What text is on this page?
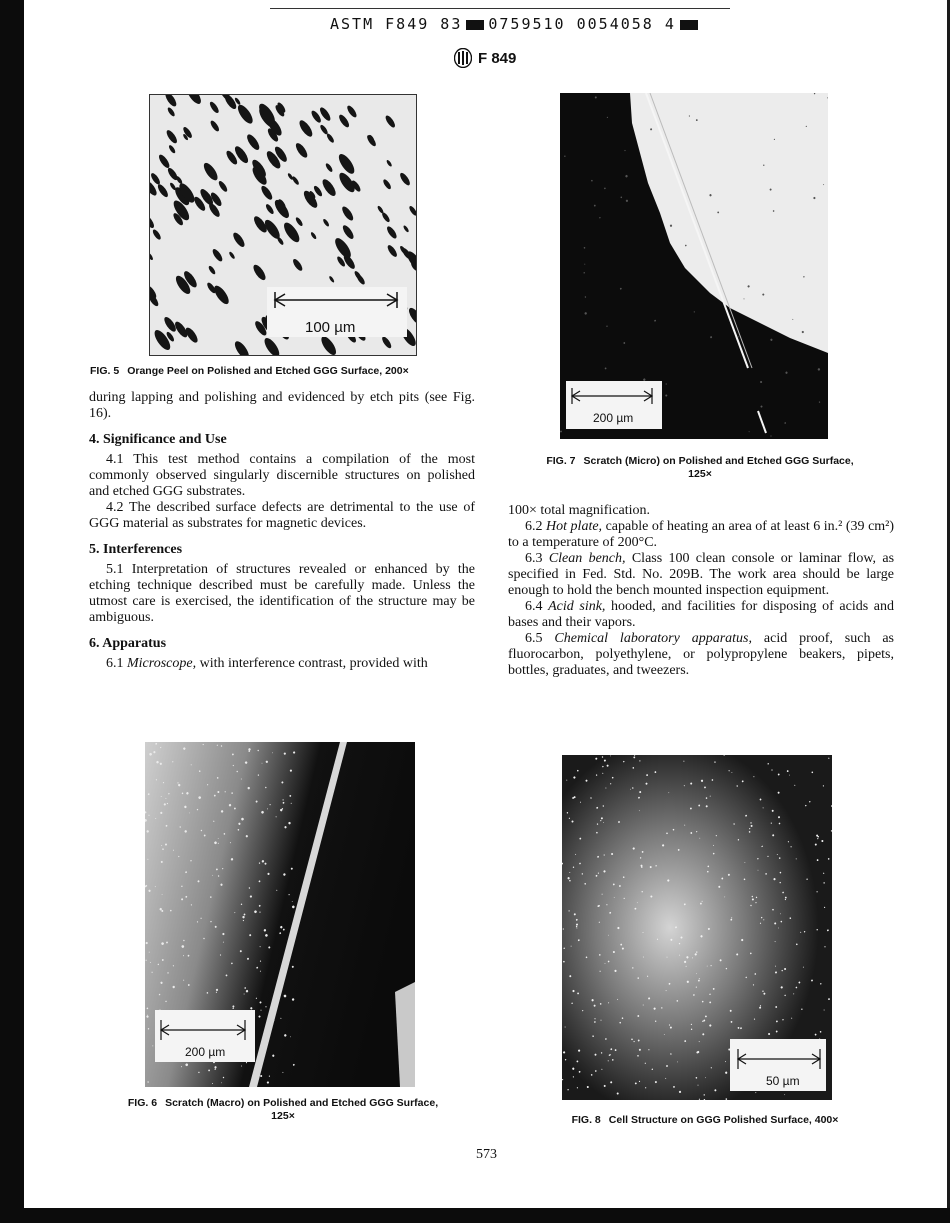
ASTM F849 83 0759510 0054058 4
F 849
100 µm
FIG. 5 Orange Peel on Polished and Etched GGG Surface, 200×
200 µm
FIG. 7 Scratch (Micro) on Polished and Etched GGG Surface,
125×

during lapping and polishing and evidenced by etch pits (see Fig. 16).

4. Significance and Use

4.1 This test method contains a compilation of the most commonly observed singularly discernible structures on polished and etched GGG substrates.

4.2 The described surface defects are detrimental to the use of GGG material as substrates for magnetic devices.

5. Interferences

5.1 Interpretation of structures revealed or enhanced by the etching technique described must be carefully made. Unless the utmost care is exercised, the identification of the structure may be ambiguous.

6. Apparatus

6.1 Microscope, with interference contrast, provided with

100× total magnification.

6.2 Hot plate, capable of heating an area of at least 6 in.² (39 cm²) to a temperature of 200°C.

6.3 Clean bench, Class 100 clean console or laminar flow, as specified in Fed. Std. No. 209B. The work area should be large enough to hold the bench mounted inspection equipment.

6.4 Acid sink, hooded, and facilities for disposing of acids and bases and their vapors.

6.5 Chemical laboratory apparatus, acid proof, such as fluorocarbon, polyethylene, or polypropylene beakers, pipets, bottles, graduates, and tweezers.

200 µm
FIG. 6 Scratch (Macro) on Polished and Etched GGG Surface,
125×
50 µm
FIG. 8 Cell Structure on GGG Polished Surface, 400×
573
